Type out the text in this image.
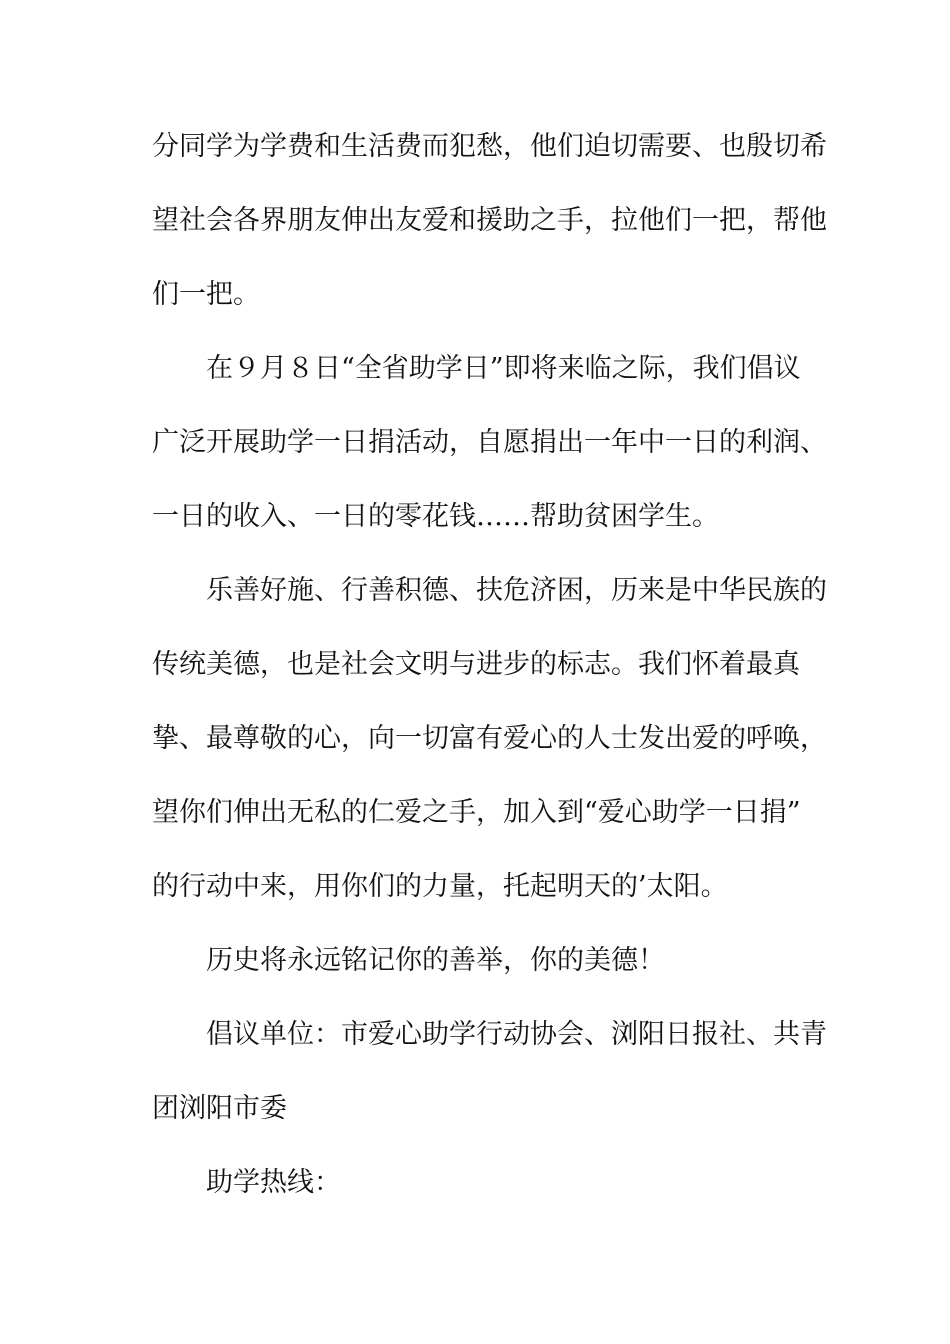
分同学为学费和生活费而犯愁，他们迫切需要、也殷切希

望社会各界朋友伸出友爱和援助之手，拉他们一把，帮他

们一把。

在９月８日“全省助学日”即将来临之际，我们倡议

广泛开展助学一日捐活动，自愿捐出一年中一日的利润、

一日的收入、一日的零花钱……帮助贫困学生。

乐善好施、行善积德、扶危济困，历来是中华民族的

传统美德，也是社会文明与进步的标志。我们怀着最真

挚、最尊敬的心，向一切富有爱心的人士发出爱的呼唤，

望你们伸出无私的仁爱之手，加入到“爱心助学一日捐”

的行动中来，用你们的力量，托起明天的’太阳。

历史将永远铭记你的善举，你的美德！

倡议单位：市爱心助学行动协会、浏阳日报社、共青

团浏阳市委

助学热线：
